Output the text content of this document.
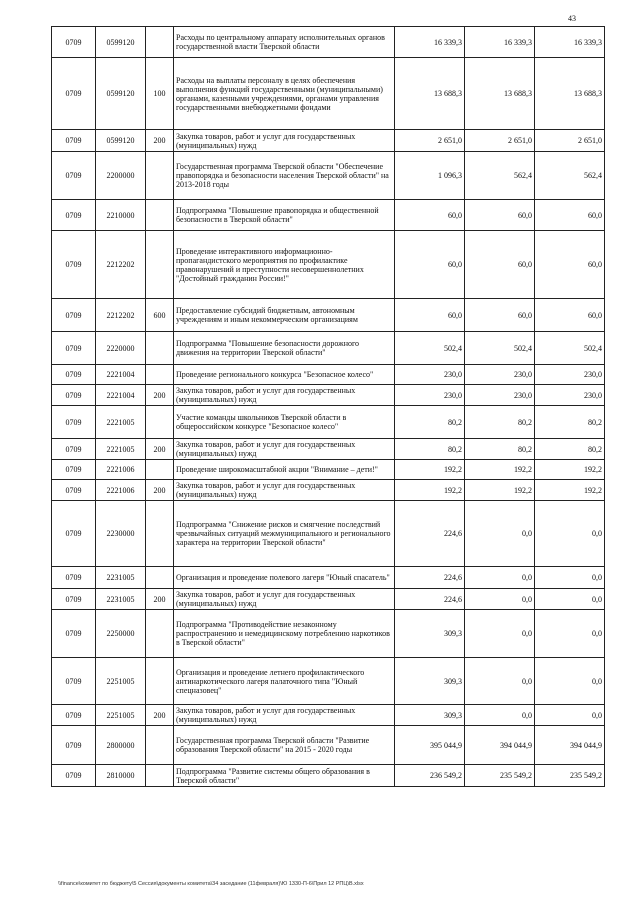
43
0709	0599120		Расходы по центральному аппарату исполнительных органов государственной власти Тверской области	16 339,3	16 339,3	16 339,3
0709	0599120	100	Расходы на выплаты персоналу в целях обеспечения выполнения функций государственными (муниципальными) органами, казенными учреждениями, органами управления государственными внебюджетными фондами	13 688,3	13 688,3	13 688,3
0709	0599120	200	Закупка товаров, работ и услуг для государственных (муниципальных) нужд	2 651,0	2 651,0	2 651,0
0709	2200000		Государственная программа Тверской области "Обеспечение правопорядка и безопасности населения Тверской области" на 2013-2018 годы	1 096,3	562,4	562,4
0709	2210000		Подпрограмма "Повышение правопорядка и общественной безопасности в Тверской области"	60,0	60,0	60,0
0709	2212202		Проведение интерактивного информационно-пропагандистского мероприятия по профилактике правонарушений и преступности несовершеннолетних "Достойный гражданин России!"	60,0	60,0	60,0
0709	2212202	600	Предоставление субсидий бюджетным, автономным учреждениям и иным некоммерческим организациям	60,0	60,0	60,0
0709	2220000		Подпрограмма "Повышение безопасности дорожного движения на территории Тверской области"	502,4	502,4	502,4
0709	2221004		Проведение регионального конкурса "Безопасное колесо"	230,0	230,0	230,0
0709	2221004	200	Закупка товаров, работ и услуг для государственных (муниципальных) нужд	230,0	230,0	230,0
0709	2221005		Участие команды школьников Тверской области в общероссийском конкурсе "Безопасное колесо"	80,2	80,2	80,2
0709	2221005	200	Закупка товаров, работ и услуг для государственных (муниципальных) нужд	80,2	80,2	80,2
0709	2221006		Проведение широкомасштабной акции "Внимание – дети!"	192,2	192,2	192,2
0709	2221006	200	Закупка товаров, работ и услуг для государственных (муниципальных) нужд	192,2	192,2	192,2
0709	2230000		Подпрограмма "Снижение рисков и смягчение последствий чрезвычайных ситуаций межмуниципального и регионального характера на территории Тверской области"	224,6	0,0	0,0
0709	2231005		Организация и проведение полевого лагеря "Юный спасатель"	224,6	0,0	0,0
0709	2231005	200	Закупка товаров, работ и услуг для государственных (муниципальных) нужд	224,6	0,0	0,0
0709	2250000		Подпрограмма "Противодействие незаконному распространению и немедицинскому потреблению наркотиков в Тверской области"	309,3	0,0	0,0
0709	2251005		Организация и проведение летнего профилактического антинаркотического лагеря палаточного типа "Юный спецназовец"	309,3	0,0	0,0
0709	2251005	200	Закупка товаров, работ и услуг для государственных (муниципальных) нужд	309,3	0,0	0,0
0709	2800000		Государственная программа Тверской области "Развитие образования Тверской области" на 2015 - 2020 годы	395 044,9	394 044,9	394 044,9
0709	2810000		Подпрограмма "Развитие системы общего образования в Тверской области"	236 549,2	235 549,2	235 549,2
\\finance\комитет по бюджету\5 Сессия\документы комитета\34 заседание (11февраля)\Ю 1330-П-6\Прил 12 РПЦ\В.xlsx
